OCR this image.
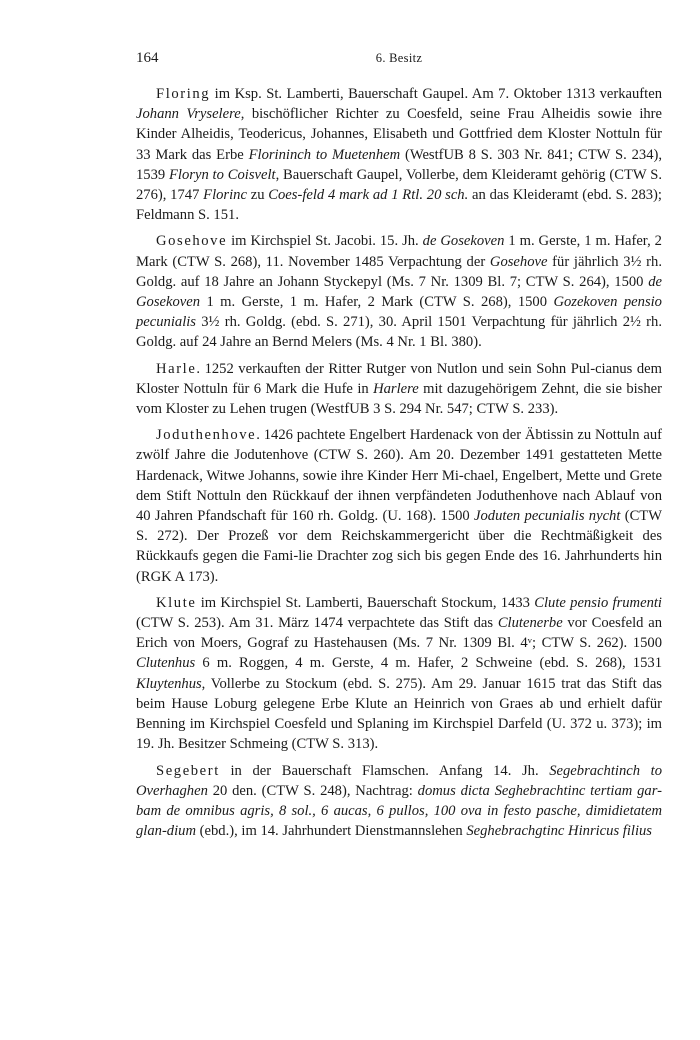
164	6. Besitz

Floring im Ksp. St. Lamberti, Bauerschaft Gaupel. Am 7. Oktober 1313 verkauften Johann Vryselere, bischöflicher Richter zu Coesfeld, seine Frau Alheidis sowie ihre Kinder Alheidis, Teodericus, Johannes, Elisabeth und Gottfried dem Kloster Nottuln für 33 Mark das Erbe Florininch to Muetenhem (WestfUB 8 S. 303 Nr. 841; CTW S. 234), 1539 Floryn to Coisvelt, Bauerschaft Gaupel, Vollerbe, dem Kleideramt gehörig (CTW S. 276), 1747 Florinc zu Coes-feld 4 mark ad 1 Rtl. 20 sch. an das Kleideramt (ebd. S. 283); Feldmann S. 151.

Gosehove im Kirchspiel St. Jacobi. 15. Jh. de Gosekoven 1 m. Gerste, 1 m. Hafer, 2 Mark (CTW S. 268), 11. November 1485 Verpachtung der Gosehove für jährlich 3½ rh. Goldg. auf 18 Jahre an Johann Styckepyl (Ms. 7 Nr. 1309 Bl. 7; CTW S. 264), 1500 de Gosekoven 1 m. Gerste, 1 m. Hafer, 2 Mark (CTW S. 268), 1500 Gozekoven pensio pecunialis 3½ rh. Goldg. (ebd. S. 271), 30. April 1501 Verpachtung für jährlich 2½ rh. Goldg. auf 24 Jahre an Bernd Melers (Ms. 4 Nr. 1 Bl. 380).

Harle. 1252 verkauften der Ritter Rutger von Nutlon und sein Sohn Pul-cianus dem Kloster Nottuln für 6 Mark die Hufe in Harlere mit dazugehörigem Zehnt, die sie bisher vom Kloster zu Lehen trugen (WestfUB 3 S. 294 Nr. 547; CTW S. 233).

Joduthenhove. 1426 pachtete Engelbert Hardenack von der Äbtissin zu Nottuln auf zwölf Jahre die Jodutenhove (CTW S. 260). Am 20. Dezember 1491 gestatteten Mette Hardenack, Witwe Johanns, sowie ihre Kinder Herr Mi-chael, Engelbert, Mette und Grete dem Stift Nottuln den Rückkauf der ihnen verpfändeten Joduthenhove nach Ablauf von 40 Jahren Pfandschaft für 160 rh. Goldg. (U. 168). 1500 Joduten pecunialis nycht (CTW S. 272). Der Prozeß vor dem Reichskammergericht über die Rechtmäßigkeit des Rückkaufs gegen die Fami-lie Drachter zog sich bis gegen Ende des 16. Jahrhunderts hin (RGK A 173).

Klute im Kirchspiel St. Lamberti, Bauerschaft Stockum, 1433 Clute pensio frumenti (CTW S. 253). Am 31. März 1474 verpachtete das Stift das Clutenerbe vor Coesfeld an Erich von Moers, Gograf zu Hastehausen (Ms. 7 Nr. 1309 Bl. 4ᵛ; CTW S. 262). 1500 Clutenhus 6 m. Roggen, 4 m. Gerste, 4 m. Hafer, 2 Schweine (ebd. S. 268), 1531 Kluytenhus, Vollerbe zu Stockum (ebd. S. 275). Am 29. Januar 1615 trat das Stift das beim Hause Loburg gelegene Erbe Klute an Heinrich von Graes ab und erhielt dafür Benning im Kirchspiel Coesfeld und Splaning im Kirchspiel Darfeld (U. 372 u. 373); im 19. Jh. Besitzer Schmeing (CTW S. 313).

Segebert in der Bauerschaft Flamschen. Anfang 14. Jh. Segebrachtinch to Overhaghen 20 den. (CTW S. 248), Nachtrag: domus dicta Seghebrachtinc tertiam gar-bam de omnibus agris, 8 sol., 6 aucas, 6 pullos, 100 ova in festo pasche, dimidietatem glan-dium (ebd.), im 14. Jahrhundert Dienstmannslehen Seghebrachgtinc Hinricus filius
